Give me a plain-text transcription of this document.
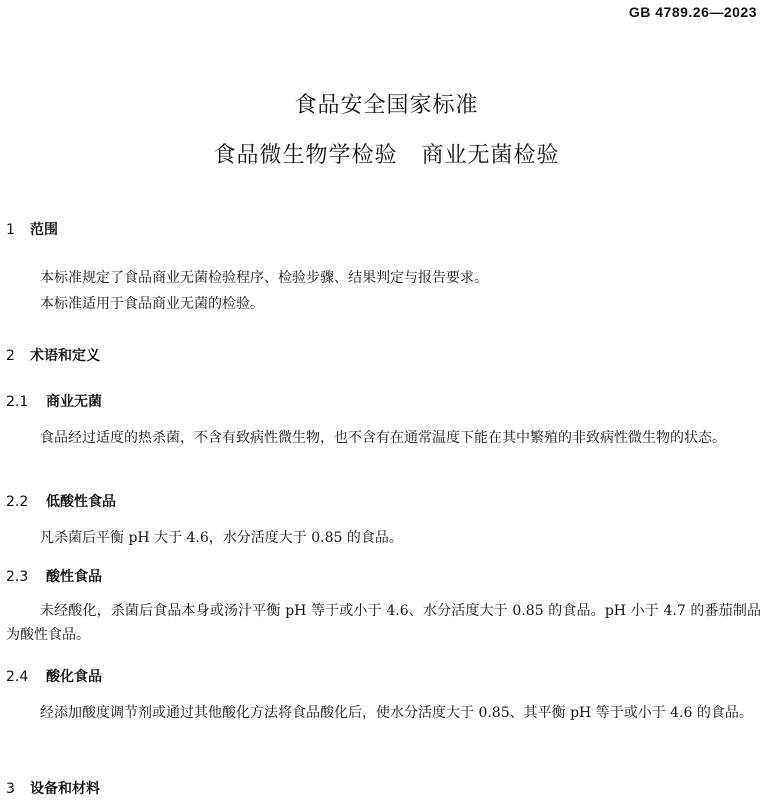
GB 4789.26—2023
食品安全国家标准
食品微生物学检验 商业无菌检验
1 范围

本标准规定了食品商业无菌检验程序、检验步骤、结果判定与报告要求。

本标准适用于食品商业无菌的检验。

2 术语和定义
2.1 商业无菌

食品经过适度的热杀菌，不含有致病性微生物，也不含有在通常温度下能在其中繁殖的非致病性微生物的状态。

2.2 低酸性食品

凡杀菌后平衡 pH 大于 4.6，水分活度大于 0.85 的食品。

2.3 酸性食品

未经酸化，杀菌后食品本身或汤汁平衡 pH 等于或小于 4.6、水分活度大于 0.85 的食品。pH 小于 4.7 的番茄制品为酸性食品。

2.4 酸化食品

经添加酸度调节剂或通过其他酸化方法将食品酸化后，使水分活度大于 0.85、其平衡 pH 等于或小于 4.6 的食品。

3 设备和材料
